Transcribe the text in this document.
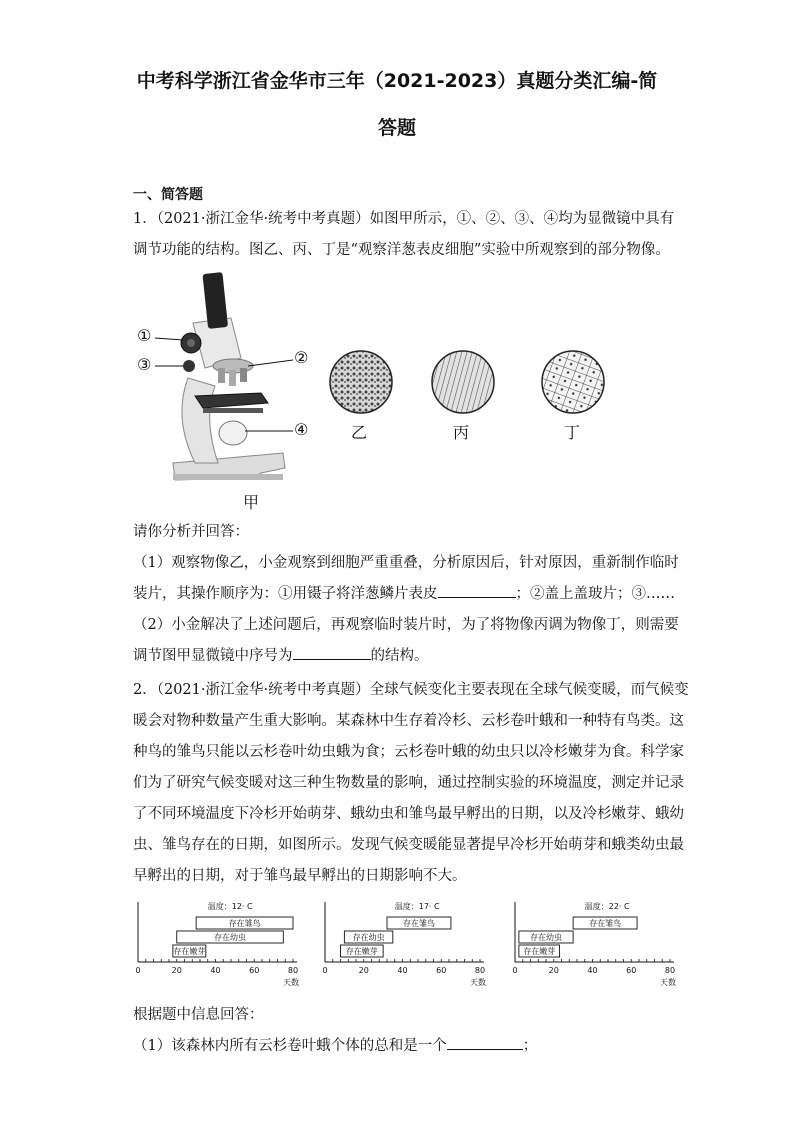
中考科学浙江省金华市三年（2021-2023）真题分类汇编-简
答题
一、简答题
1．（2021·浙江金华·统考中考真题）如图甲所示，①、②、③、④均为显微镜中具有
调节功能的结构。图乙、丙、丁是“观察洋葱表皮细胞”实验中所观察到的部分物像。
①
③	②
④
甲
乙	丙	丁
请你分析并回答：
（1）观察物像乙，小金观察到细胞严重重叠，分析原因后，针对原因，重新制作临时
装片，其操作顺序为：①用镊子将洋葱鳞片表皮	；②盖上盖玻片；③……
（2）小金解决了上述问题后，再观察临时装片时，为了将物像丙调为物像丁，则需要
调节图甲显微镜中序号为	的结构。
2．（2021·浙江金华·统考中考真题）全球气候变化主要表现在全球气候变暖，而气候变
暖会对物种数量产生重大影响。某森林中生存着冷杉、云杉卷叶蛾和一种特有鸟类。这
种鸟的雏鸟只能以云杉卷叶幼虫蛾为食；云杉卷叶蛾的幼虫只以冷杉嫩芽为食。科学家
们为了研究气候变暖对这三种生物数量的影响，通过控制实验的环境温度，测定并记录
了不同环境温度下冷杉开始萌芽、蛾幼虫和雏鸟最早孵出的日期，以及冷杉嫩芽、蛾幼
虫、雏鸟存在的日期，如图所示。发现气候变暖能显著提早冷杉开始萌芽和蛾类幼虫最
早孵出的日期，对于雏鸟最早孵出的日期影响不大。
0	20	40	60	80
天数
温度：12· C
存在雏鸟
存在幼虫
存在嫩芽
0	20	40	60	80
天数
温度：17· C
存在雏鸟
存在幼虫
存在嫩芽
0	20	40	60	80
天数
温度：22· C
存在雏鸟
存在幼虫
存在嫩芽
根据题中信息回答：
（1）该森林内所有云杉卷叶蛾个体的总和是一个	；
